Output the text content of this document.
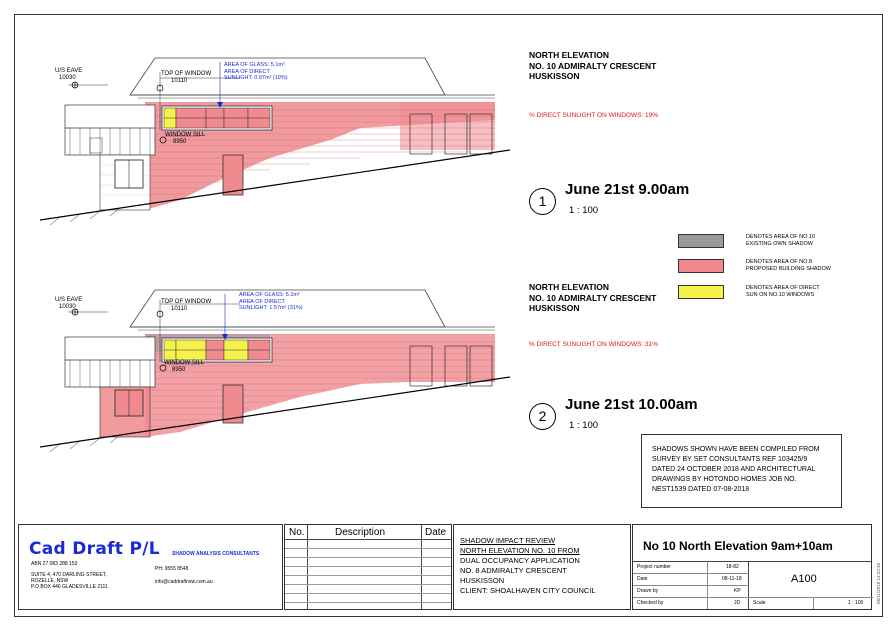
U/S EAVE
10030
TOP OF WINDOW
10110
WINDOW SILL
8950
AREA OF GLASS: 5.1m²
AREA OF DIRECT
SUNLIGHT: 0.97m² (19%)
NORTH ELEVATION
NO. 10 ADMIRALTY CRESCENT
HUSKISSON
% DIRECT SUNLIGHT ON WINDOWS: 19%
1
June 21st 9.00am
1 : 100
U/S EAVE
10030
TOP OF WINDOW
10110
WINDOW SILL
8950
AREA OF GLASS: 5.1m²
AREA OF DIRECT
SUNLIGHT: 1.57m² (31%)
NORTH ELEVATION
NO. 10 ADMIRALTY CRESCENT
HUSKISSON
% DIRECT SUNLIGHT ON WINDOWS: 31%
2
June 21st 10.00am
1 : 100
DENOTES AREA OF NO.10
EXISTING OWN SHADOW
DENOTES AREA OF NO.8
PROPOSED BUILDING SHADOW
DENOTES AREA OF DIRECT
SUN ON NO.10 WINDOWS
SHADOWS SHOWN HAVE BEEN COMPILED FROM
SURVEY BY SET CONSULTANTS REF 103425/9
DATED 24 OCTOBER 2018 AND ARCHITECTURAL
DRAWINGS BY HOTONDO HOMES JOB NO.
NEST1539 DATED 07-08-2018
Cad Draft P/L SHADOW ANALYSIS CONSULTANTS
ABN 27 083 288 153
SUITE 4, 470 DARLING STREET,
ROZELLE, NSW
P.O BOX 446 GLADESVILLE 2111
PH: 9555 8548
info@caddraftnsw.com.au
No.	Description	Date
SHADOW IMPACT REVIEW
NORTH ELEVATION NO. 10 FROM
DUAL OCCUPANCY APPLICATION
NO. 8 ADMIRALTY CRESCENT
HUSKISSON
CLIENT: SHOALHAVEN CITY COUNCIL
No 10 North Elevation 9am+10am
Project number	18-82
Date	08-11-18
Drawn by	KP
Checked by	JD
A100
Scale	1 : 100	08/11/2018 14:23:38
